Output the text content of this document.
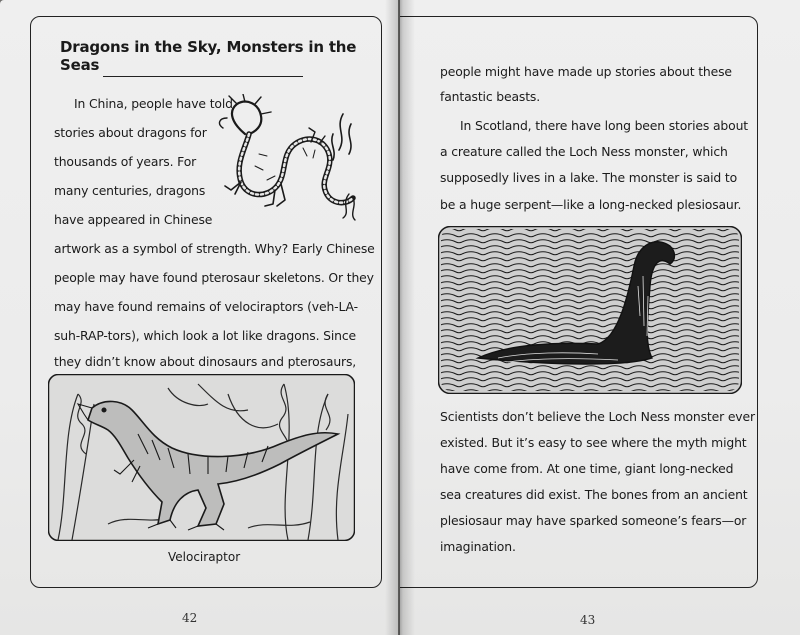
Dragons in the Sky, Monsters in the Seas
In China, people have told
stories about dragons for
thousands of years. For
many centuries, dragons
have appeared in Chinese
artwork as a symbol of strength. Why? Early Chinese
people may have found pterosaur skeletons. Or they
may have found remains of velociraptors (veh-LA-
suh-RAP-tors), which look a lot like dragons. Since
they didn’t know about dinosaurs and pterosaurs,
Velociraptor
42
people might have made up stories about these
fantastic beasts.
In Scotland, there have long been stories about
a creature called the Loch Ness monster, which
supposedly lives in a lake. The monster is said to
be a huge serpent—like a long-necked plesiosaur.
Scientists don’t believe the Loch Ness monster ever
existed. But it’s easy to see where the myth might
have come from. At one time, giant long-necked
sea creatures did exist. The bones from an ancient
plesiosaur may have sparked someone’s fears—or
imagination.
43
